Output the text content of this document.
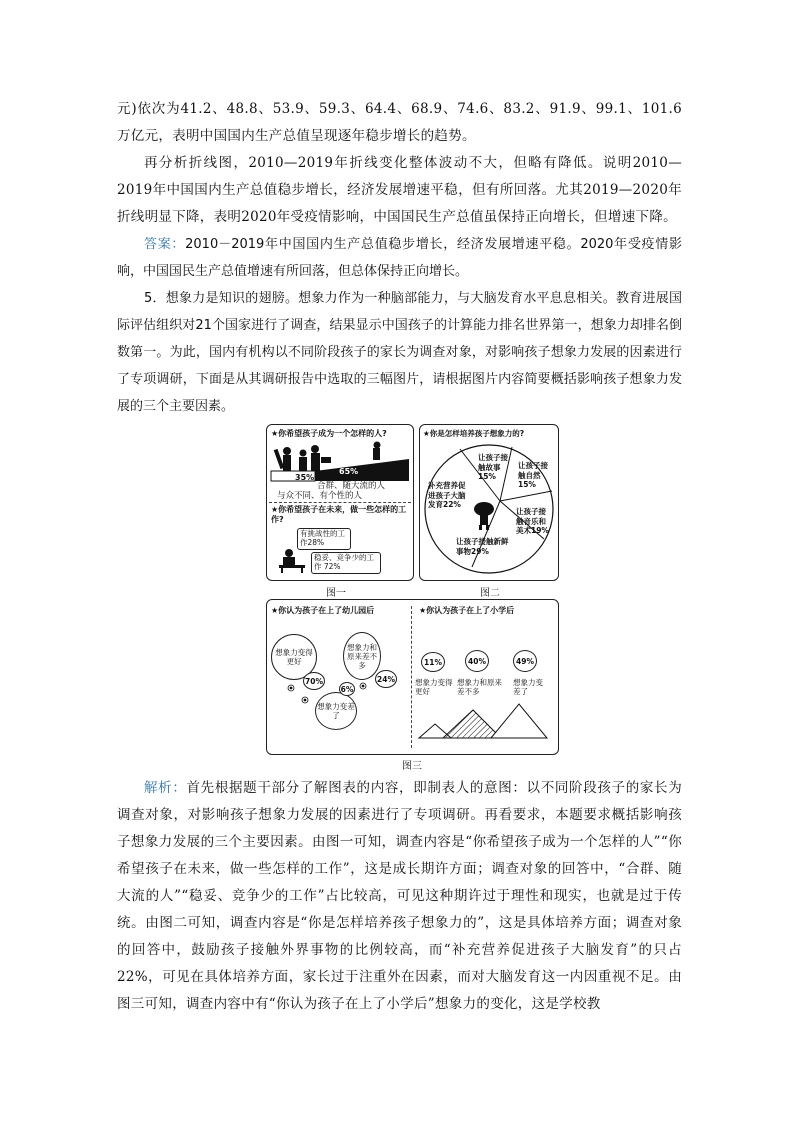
元)依次为41.2、48.8、53.9、59.3、64.4、68.9、74.6、83.2、91.9、99.1、101.6万亿元，表明中国国内生产总值呈现逐年稳步增长的趋势。

再分析折线图，2010—2019年折线变化整体波动不大，但略有降低。说明2010—2019年中国国内生产总值稳步增长，经济发展增速平稳，但有所回落。尤其2019—2020年折线明显下降，表明2020年受疫情影响，中国国民生产总值虽保持正向增长，但增速下降。

答案：2010－2019年中国国内生产总值稳步增长，经济发展增速平稳。2020年受疫情影响，中国国民生产总值增速有所回落，但总体保持正向增长。

5．想象力是知识的翅膀。想象力作为一种脑部能力，与大脑发育水平息息相关。教育进展国际评估组织对21个国家进行了调查，结果显示中国孩子的计算能力排名世界第一，想象力却排名倒数第一。为此，国内有机构以不同阶段孩子的家长为调查对象，对影响孩子想象力发展的因素进行了专项调研，下面是从其调研报告中选取的三幅图片，请根据图片内容简要概括影响孩子想象力发展的三个主要因素。

★你希望孩子成为一个怎样的人?
35%
65%
合群、随大流的人
与众不同、有个性的人
★你希望孩子在未来，做一些怎样的工作?
有挑战性的工作28%
稳妥、竞争少的工作 72%
图一
★你是怎样培养孩子想象力的?
让孩子接触故事15%
让孩子接触自然15%
让孩子接触音乐和美术19%
让孩子接触新鲜事物29%
补充营养促进孩子大脑发育22%
图二
★你认为孩子在上了幼儿园后	★你认为孩子在上了小学后
想象力变得更好
想象力和原来差不多
想象力变差了
70%
6%
24%
11%	40%	49%
想象力变得更好
想象力和原来差不多
想象力变差了
图三

解析：首先根据题干部分了解图表的内容，即制表人的意图：以不同阶段孩子的家长为调查对象，对影响孩子想象力发展的因素进行了专项调研。再看要求，本题要求概括影响孩子想象力发展的三个主要因素。由图一可知，调查内容是“你希望孩子成为一个怎样的人”“你希望孩子在未来，做一些怎样的工作”，这是成长期许方面；调查对象的回答中，“合群、随大流的人”“稳妥、竞争少的工作”占比较高，可见这种期许过于理性和现实，也就是过于传统。由图二可知，调查内容是“你是怎样培养孩子想象力的”，这是具体培养方面；调查对象的回答中，鼓励孩子接触外界事物的比例较高，而“补充营养促进孩子大脑发育”的只占22%，可见在具体培养方面，家长过于注重外在因素，而对大脑发育这一内因重视不足。由图三可知，调查内容中有“你认为孩子在上了小学后”想象力的变化，这是学校教
